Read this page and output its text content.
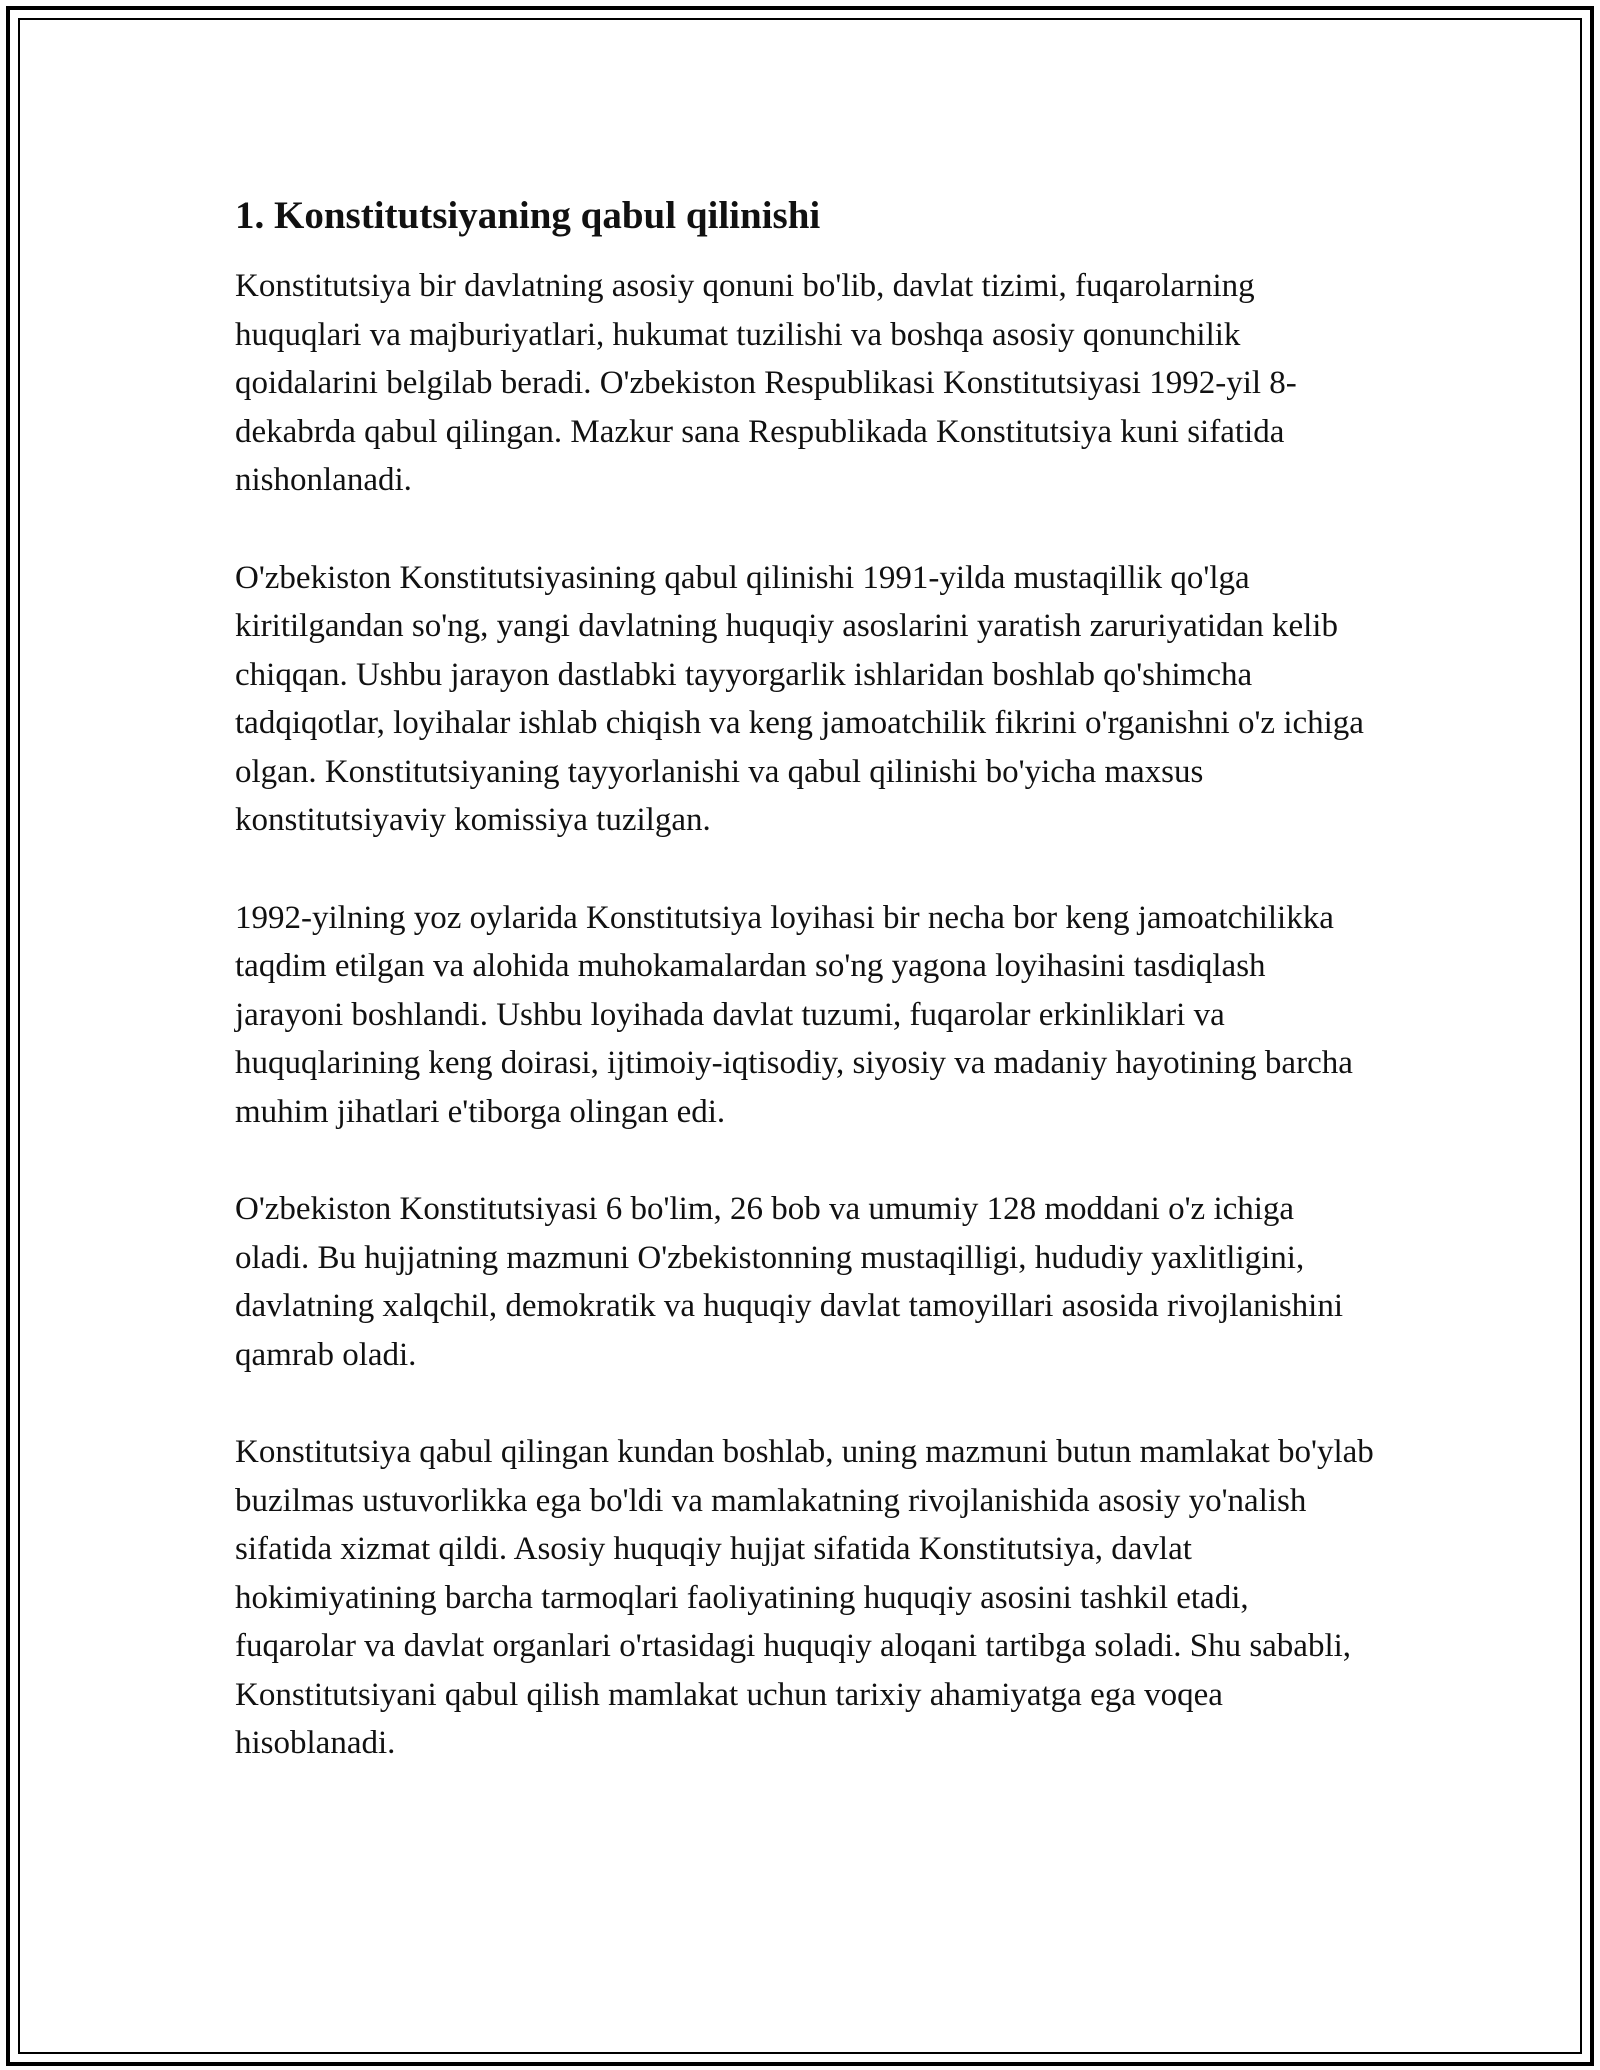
1. Konstitutsiyaning qabul qilinishi

Konstitutsiya bir davlatning asosiy qonuni bo'lib, davlat tizimi, fuqarolarning huquqlari va majburiyatlari, hukumat tuzilishi va boshqa asosiy qonunchilik qoidalarini belgilab beradi. O'zbekiston Respublikasi Konstitutsiyasi 1992-yil 8-dekabrda qabul qilingan. Mazkur sana Respublikada Konstitutsiya kuni sifatida nishonlanadi.

O'zbekiston Konstitutsiyasining qabul qilinishi 1991-yilda mustaqillik qo'lga kiritilgandan so'ng, yangi davlatning huquqiy asoslarini yaratish zaruriyatidan kelib chiqqan. Ushbu jarayon dastlabki tayyorgarlik ishlaridan boshlab qo'shimcha tadqiqotlar, loyihalar ishlab chiqish va keng jamoatchilik fikrini o'rganishni o'z ichiga olgan. Konstitutsiyaning tayyorlanishi va qabul qilinishi bo'yicha maxsus konstitutsiyaviy komissiya tuzilgan.

1992-yilning yoz oylarida Konstitutsiya loyihasi bir necha bor keng jamoatchilikka taqdim etilgan va alohida muhokamalardan so'ng yagona loyihasini tasdiqlash jarayoni boshlandi. Ushbu loyihada davlat tuzumi, fuqarolar erkinliklari va huquqlarining keng doirasi, ijtimoiy-iqtisodiy, siyosiy va madaniy hayotining barcha muhim jihatlari e'tiborga olingan edi.

O'zbekiston Konstitutsiyasi 6 bo'lim, 26 bob va umumiy 128 moddani o'z ichiga oladi. Bu hujjatning mazmuni O'zbekistonning mustaqilligi, hududiy yaxlitligini, davlatning xalqchil, demokratik va huquqiy davlat tamoyillari asosida rivojlanishini qamrab oladi.

Konstitutsiya qabul qilingan kundan boshlab, uning mazmuni butun mamlakat bo'ylab buzilmas ustuvorlikka ega bo'ldi va mamlakatning rivojlanishida asosiy yo'nalish sifatida xizmat qildi. Asosiy huquqiy hujjat sifatida Konstitutsiya, davlat hokimiyatining barcha tarmoqlari faoliyatining huquqiy asosini tashkil etadi, fuqarolar va davlat organlari o'rtasidagi huquqiy aloqani tartibga soladi. Shu sababli, Konstitutsiyani qabul qilish mamlakat uchun tarixiy ahamiyatga ega voqea hisoblanadi.
